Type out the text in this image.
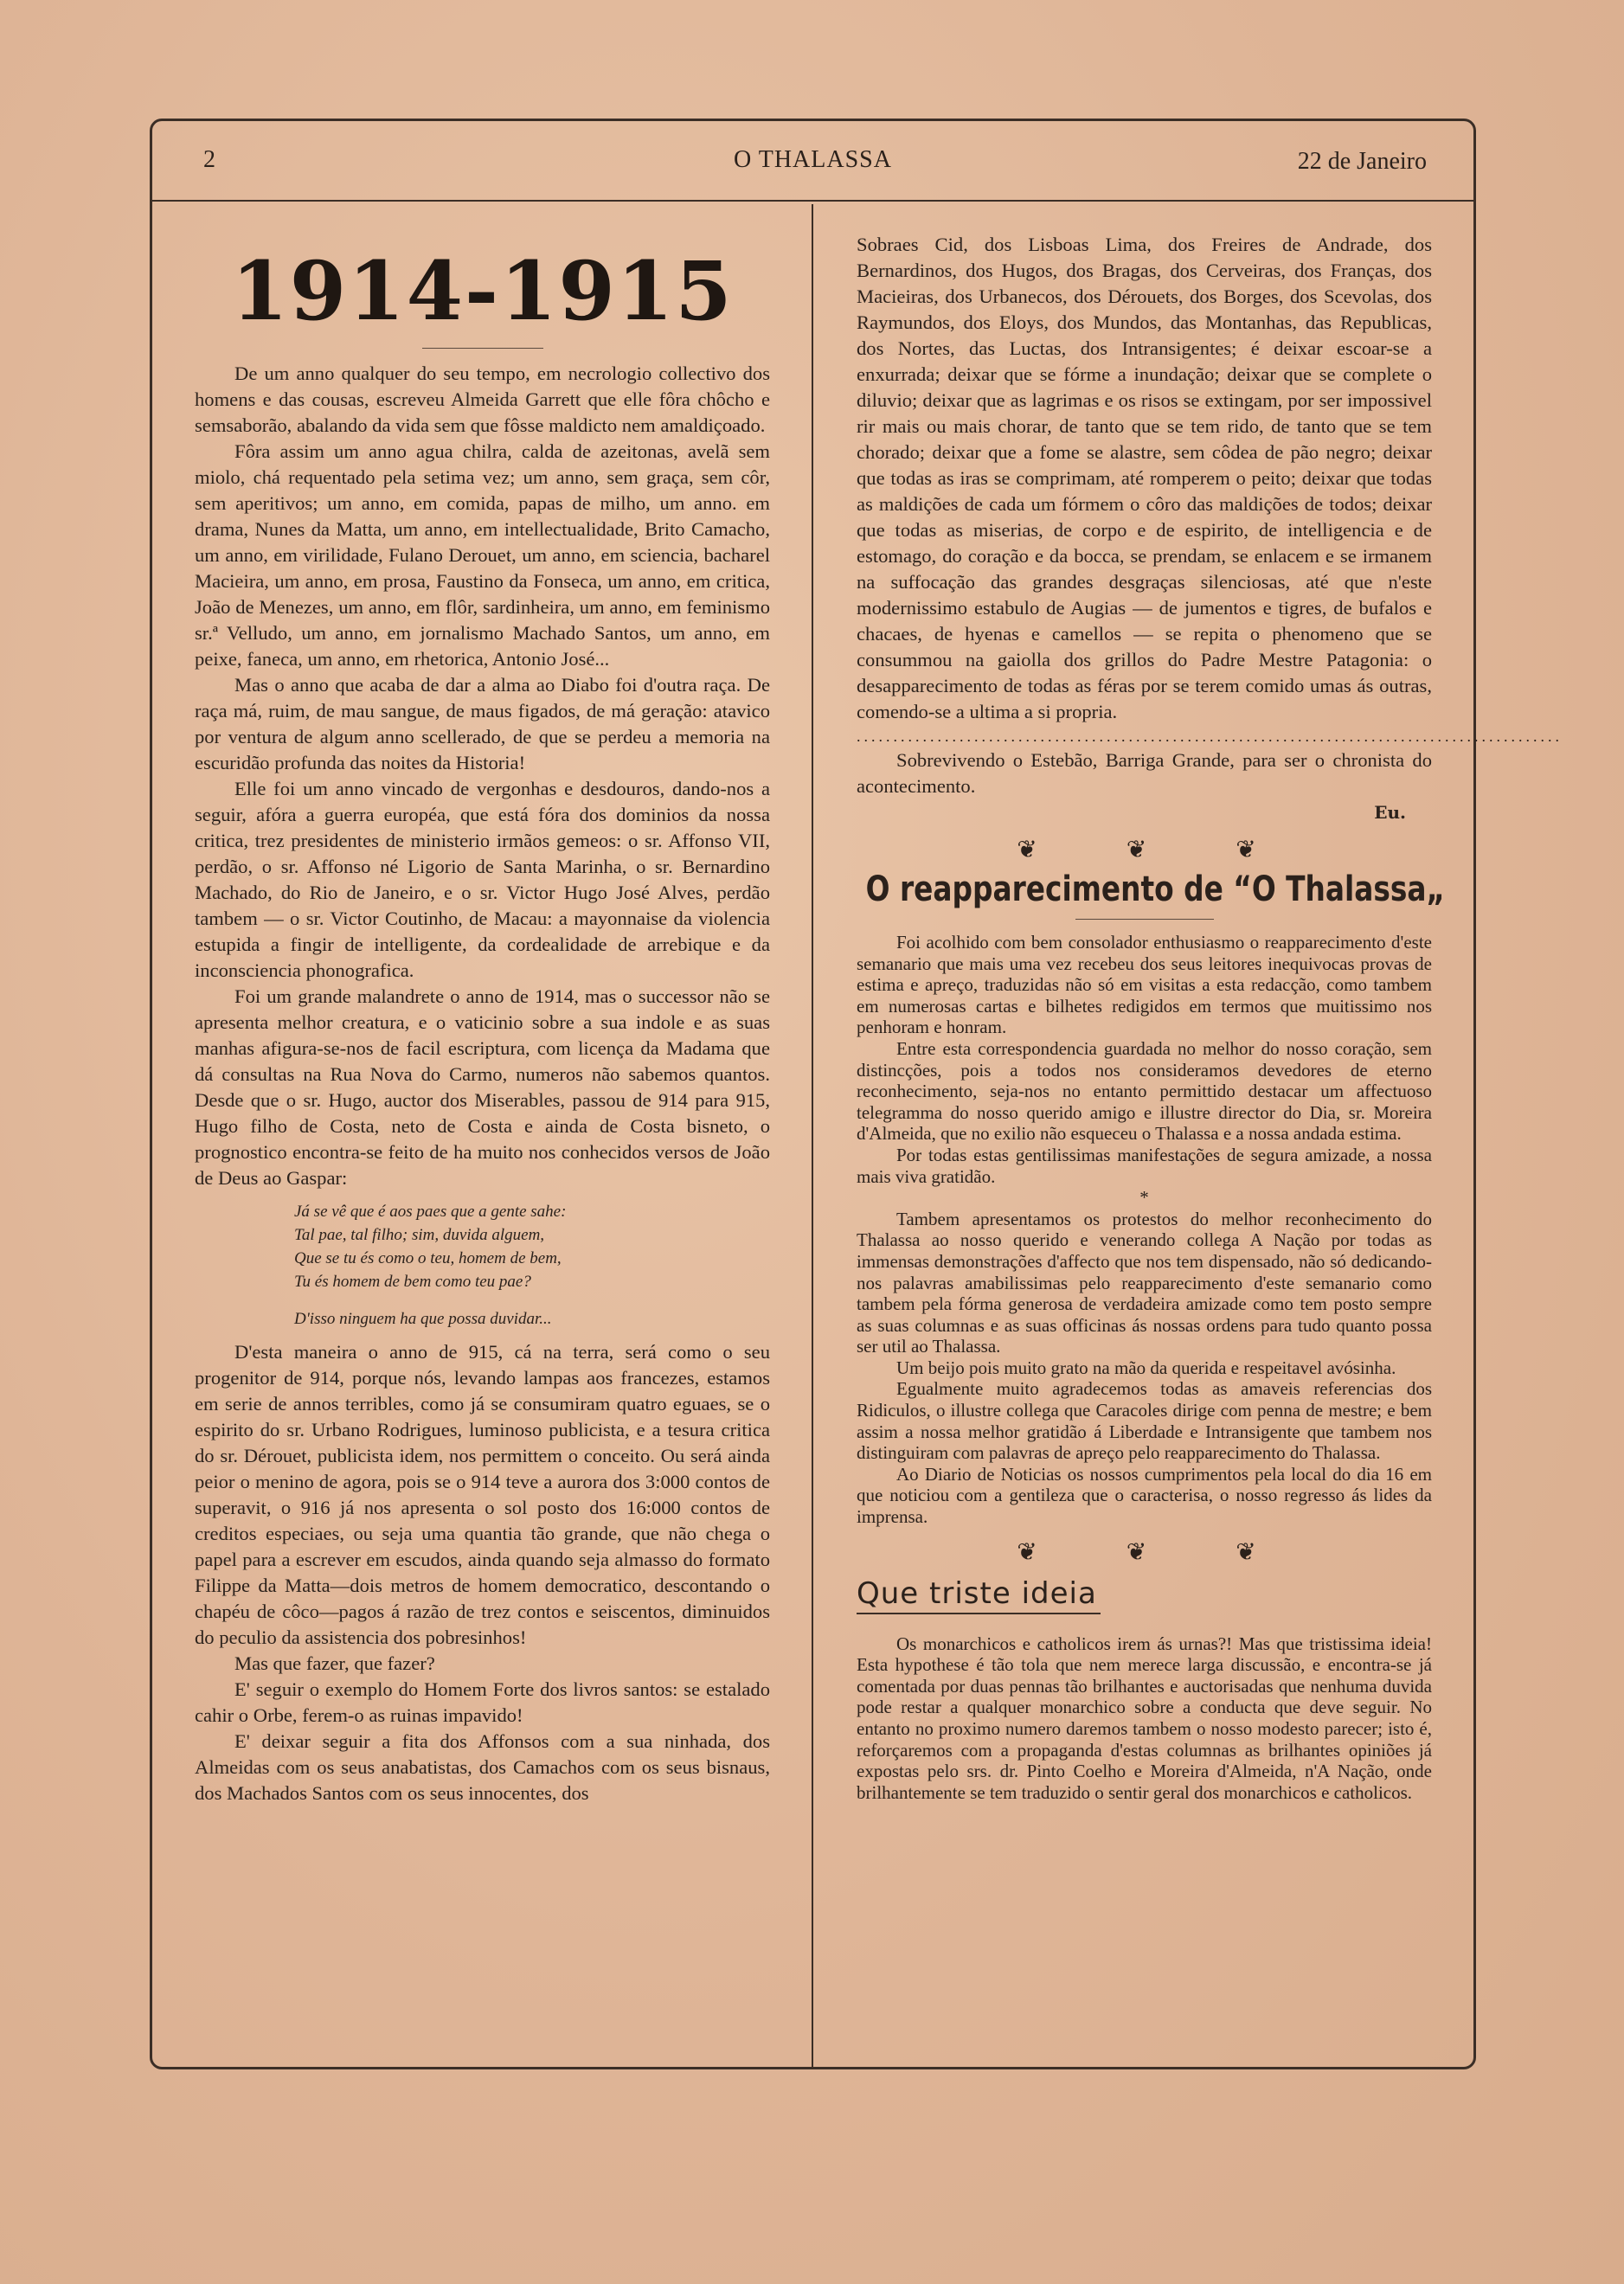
2	O THALASSA	22 de Janeiro
1914-1915

De um anno qualquer do seu tempo, em necrologio collectivo dos homens e das cousas, escreveu Almeida Garrett que elle fôra chôcho e semsaborão, abalando da vida sem que fôsse maldicto nem amaldiçoado.

Fôra assim um anno agua chilra, calda de azeitonas, avelã sem miolo, chá requentado pela setima vez; um anno, sem graça, sem côr, sem aperitivos; um anno, em comida, papas de milho, um anno. em drama, Nunes da Matta, um anno, em intellectualidade, Brito Camacho, um anno, em virilidade, Fulano Derouet, um anno, em sciencia, bacharel Macieira, um anno, em prosa, Faustino da Fonseca, um anno, em critica, João de Menezes, um anno, em flôr, sardinheira, um anno, em feminismo sr.ª Velludo, um anno, em jornalismo Machado Santos, um anno, em peixe, faneca, um anno, em rhetorica, Antonio José...

Mas o anno que acaba de dar a alma ao Diabo foi d'outra raça. De raça má, ruim, de mau sangue, de maus figados, de má geração: atavico por ventura de algum anno scellerado, de que se perdeu a memoria na escuridão profunda das noites da Historia!

Elle foi um anno vincado de vergonhas e desdouros, dando-nos a seguir, afóra a guerra européa, que está fóra dos dominios da nossa critica, trez presidentes de ministerio irmãos gemeos: o sr. Affonso VII, perdão, o sr. Affonso né Ligorio de Santa Marinha, o sr. Bernardino Machado, do Rio de Janeiro, e o sr. Victor Hugo José Alves, perdão tambem — o sr. Victor Coutinho, de Macau: a mayonnaise da violencia estupida a fingir de intelligente, da cordealidade de arrebique e da inconsciencia phonografica.

Foi um grande malandrete o anno de 1914, mas o successor não se apresenta melhor creatura, e o vaticinio sobre a sua indole e as suas manhas afigura-se-nos de facil escriptura, com licença da Madama que dá consultas na Rua Nova do Carmo, numeros não sabemos quantos. Desde que o sr. Hugo, auctor dos Miserables, passou de 914 para 915, Hugo filho de Costa, neto de Costa e ainda de Costa bisneto, o prognostico encontra-se feito de ha muito nos conhecidos versos de João de Deus ao Gaspar:

Já se vê que é aos paes que a gente sahe:

Tal pae, tal filho; sim, duvida alguem,

Que se tu és como o teu, homem de bem,

Tu és homem de bem como teu pae?

D'isso ninguem ha que possa duvidar...

D'esta maneira o anno de 915, cá na terra, será como o seu progenitor de 914, porque nós, levando lampas aos francezes, estamos em serie de annos terribles, como já se consumiram quatro eguaes, se o espirito do sr. Urbano Rodrigues, luminoso publicista, e a tesura critica do sr. Dérouet, publicista idem, nos permittem o conceito. Ou será ainda peior o menino de agora, pois se o 914 teve a aurora dos 3:000 contos de superavit, o 916 já nos apresenta o sol posto dos 16:000 contos de creditos especiaes, ou seja uma quantia tão grande, que não chega o papel para a escrever em escudos, ainda quando seja almasso do formato Filippe da Matta—dois metros de homem democratico, descontando o chapéu de côco—pagos á razão de trez contos e seiscentos, diminuidos do peculio da assistencia dos pobresinhos!

Mas que fazer, que fazer?

E' seguir o exemplo do Homem Forte dos livros santos: se estalado cahir o Orbe, ferem-o as ruinas impavido!

E' deixar seguir a fita dos Affonsos com a sua ninhada, dos Almeidas com os seus anabatistas, dos Camachos com os seus bisnaus, dos Machados Santos com os seus innocentes, dos

Sobraes Cid, dos Lisboas Lima, dos Freires de Andrade, dos Bernardinos, dos Hugos, dos Bragas, dos Cerveiras, dos Franças, dos Macieiras, dos Urbanecos, dos Dérouets, dos Borges, dos Scevolas, dos Raymundos, dos Eloys, dos Mundos, das Montanhas, das Republicas, dos Nortes, das Luctas, dos Intransigentes; é deixar escoar-se a enxurrada; deixar que se fórme a inundação; deixar que se complete o diluvio; deixar que as lagrimas e os risos se extingam, por ser impossivel rir mais ou mais chorar, de tanto que se tem rido, de tanto que se tem chorado; deixar que a fome se alastre, sem côdea de pão negro; deixar que todas as iras se comprimam, até romperem o peito; deixar que todas as maldições de cada um fórmem o côro das maldições de todos; deixar que todas as miserias, de corpo e de espirito, de intelligencia e de estomago, do coração e da bocca, se prendam, se enlacem e se irmanem na suffocação das grandes desgraças silenciosas, até que n'este modernissimo estabulo de Augias — de jumentos e tigres, de bufalos e chacaes, de hyenas e camellos — se repita o phenomeno que se consummou na gaiolla dos grillos do Padre Mestre Patagonia: o desapparecimento de todas as féras por se terem comido umas ás outras, comendo-se a ultima a si propria.

................................................................................................

Sobrevivendo o Estebão, Barriga Grande, para ser o chronista do acontecimento.

Eu.

❦ ❦ ❦
O reapparecimento de “O Thalassa„

Foi acolhido com bem consolador enthusiasmo o reapparecimento d'este semanario que mais uma vez recebeu dos seus leitores inequivocas provas de estima e apreço, traduzidas não só em visitas a esta redacção, como tambem em numerosas cartas e bilhetes redigidos em termos que muitissimo nos penhoram e honram.

Entre esta correspondencia guardada no melhor do nosso coração, sem distincções, pois a todos nos consideramos devedores de eterno reconhecimento, seja-nos no entanto permittido destacar um affectuoso telegramma do nosso querido amigo e illustre director do Dia, sr. Moreira d'Almeida, que no exilio não esqueceu o Thalassa e a nossa andada estima.

Por todas estas gentilissimas manifestações de segura amizade, a nossa mais viva gratidão.

*

Tambem apresentamos os protestos do melhor reconhecimento do Thalassa ao nosso querido e venerando collega A Nação por todas as immensas demonstrações d'affecto que nos tem dispensado, não só dedicando-nos palavras amabilissimas pelo reapparecimento d'este semanario como tambem pela fórma generosa de verdadeira amizade como tem posto sempre as suas columnas e as suas officinas ás nossas ordens para tudo quanto possa ser util ao Thalassa.

Um beijo pois muito grato na mão da querida e respeitavel avósinha.

Egualmente muito agradecemos todas as amaveis referencias dos Ridiculos, o illustre collega que Caracoles dirige com penna de mestre; e bem assim a nossa melhor gratidão á Liberdade e Intransigente que tambem nos distinguiram com palavras de apreço pelo reapparecimento do Thalassa.

Ao Diario de Noticias os nossos cumprimentos pela local do dia 16 em que noticiou com a gentileza que o caracterisa, o nosso regresso ás lides da imprensa.

❦ ❦ ❦
Que triste ideia

Os monarchicos e catholicos irem ás urnas?! Mas que tristissima ideia! Esta hypothese é tão tola que nem merece larga discussão, e encontra-se já comentada por duas pennas tão brilhantes e auctorisadas que nenhuma duvida pode restar a qualquer monarchico sobre a conducta que deve seguir. No entanto no proximo numero daremos tambem o nosso modesto parecer; isto é, reforçaremos com a propaganda d'estas columnas as brilhantes opiniões já expostas pelo srs. dr. Pinto Coelho e Moreira d'Almeida, n'A Nação, onde brilhantemente se tem traduzido o sentir geral dos monarchicos e catholicos.
